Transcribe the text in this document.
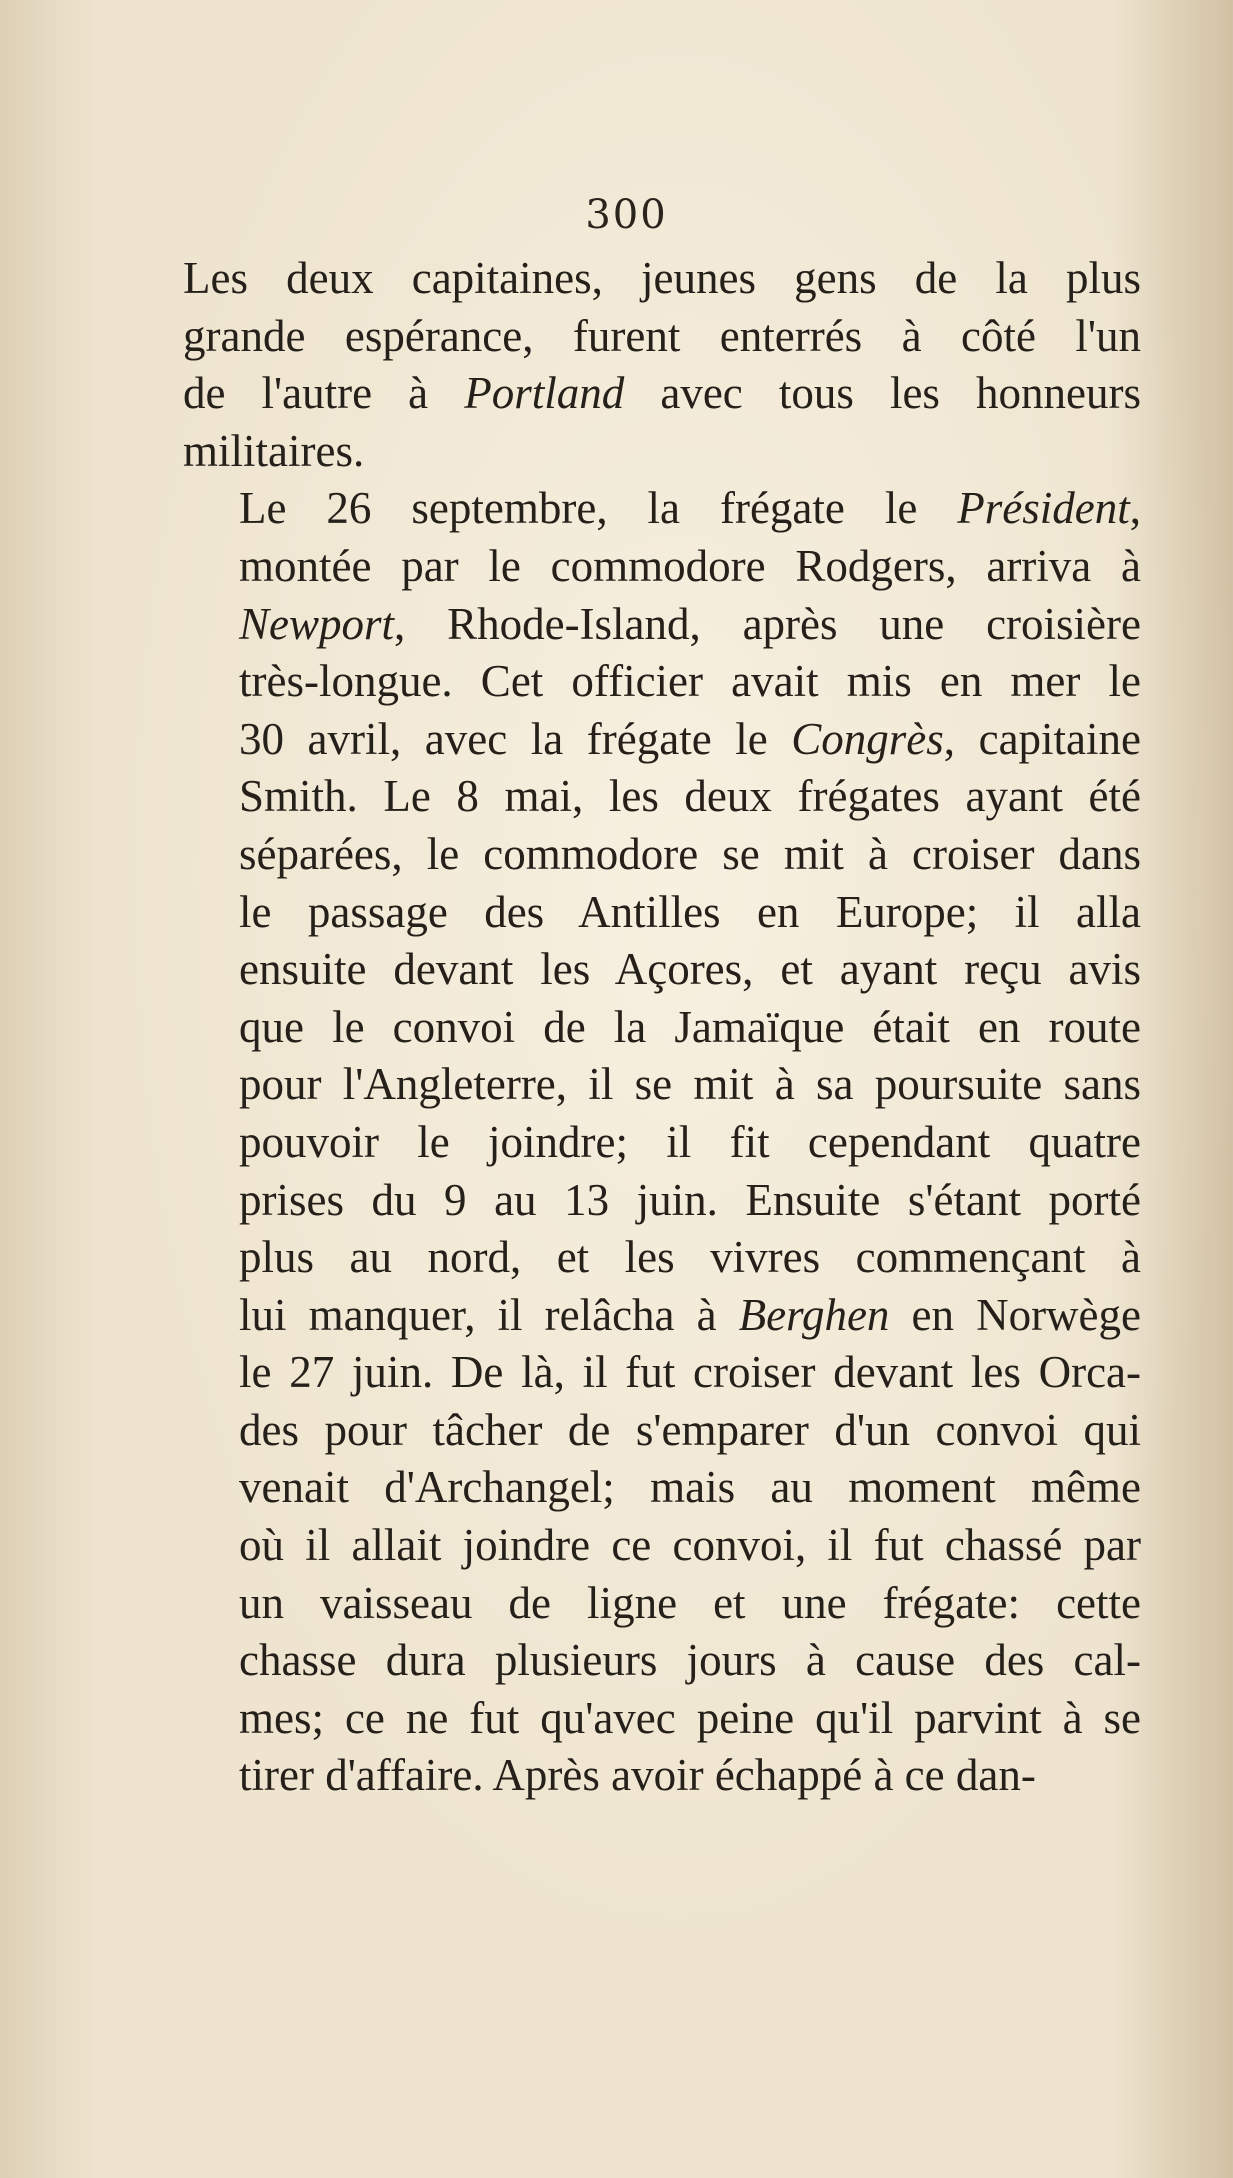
300
Les deux capitaines, jeunes gens de la plus
grande espérance, furent enterrés à côté l'un
de l'autre à Portland avec tous les honneurs
militaires.
Le 26 septembre, la frégate le Président,
montée par le commodore Rodgers, arriva à
Newport, Rhode-Island, après une croisière
très-longue. Cet officier avait mis en mer le
30 avril, avec la frégate le Congrès, capitaine
Smith. Le 8 mai, les deux frégates ayant été
séparées, le commodore se mit à croiser dans
le passage des Antilles en Europe; il alla
ensuite devant les Açores, et ayant reçu avis
que le convoi de la Jamaïque était en route
pour l'Angleterre, il se mit à sa poursuite sans
pouvoir le joindre; il fit cependant quatre
prises du 9 au 13 juin. Ensuite s'étant porté
plus au nord, et les vivres commençant à
lui manquer, il relâcha à Berghen en Norwège
le 27 juin. De là, il fut croiser devant les Orca-
des pour tâcher de s'emparer d'un convoi qui
venait d'Archangel; mais au moment même
où il allait joindre ce convoi, il fut chassé par
un vaisseau de ligne et une frégate: cette
chasse dura plusieurs jours à cause des cal-
mes; ce ne fut qu'avec peine qu'il parvint à se
tirer d'affaire. Après avoir échappé à ce dan-
